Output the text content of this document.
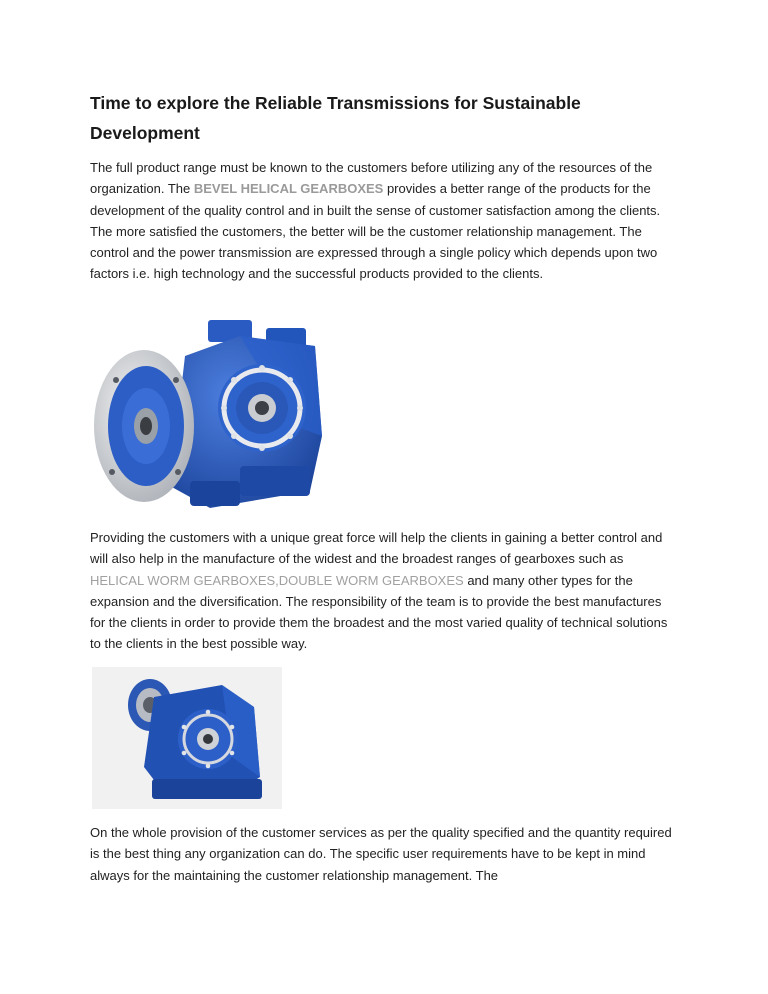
Time to explore the Reliable Transmissions for Sustainable Development
The full product range must be known to the customers before utilizing any of the resources of the organization. The BEVEL HELICAL GEARBOXES provides a better range of the products for the development of the quality control and in built the sense of customer satisfaction among the clients. The more satisfied the customers, the better will be the customer relationship management. The control and the power transmission are expressed through a single policy which depends upon two factors i.e. high technology and the successful products provided to the clients.
Providing the customers with a unique great force will help the clients in gaining a better control and will also help in the manufacture of the widest and the broadest ranges of gearboxes such as HELICAL WORM GEARBOXES,DOUBLE WORM GEARBOXES and many other types for the expansion and the diversification. The responsibility of the team is to provide the best manufactures for the clients in order to provide them the broadest and the most varied quality of technical solutions to the clients in the best possible way.
On the whole provision of the customer services as per the quality specified and the quantity required is the best thing any organization can do. The specific user requirements have to be kept in mind always for the maintaining the customer relationship management. The
